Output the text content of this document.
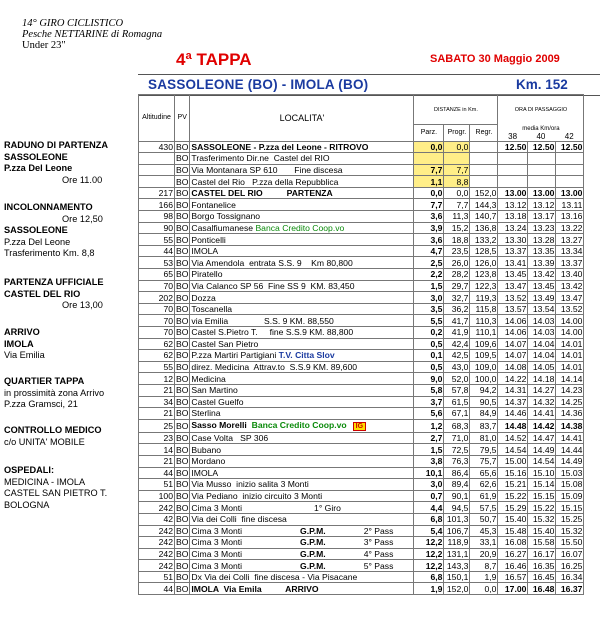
14° GIRO CICLISTICO
Pesche NETTARINE di Romagna
Under 23"
4ª TAPPA	SABATO 30 Maggio 2009
SASSOLEONE (BO) - IMOLA (BO)	Km. 152
RADUNO DI PARTENZA
SASSOLEONE
P.zza Del Leone
Ore 11.00
INCOLONNAMENTO
Ore 12,50
SASSOLEONE
P.zza Del Leone
Trasferimento Km. 8,8
PARTENZA UFFICIALE
CASTEL DEL RIO
Ore 13,00
ARRIVO
IMOLA
Via Emilia
QUARTIER TAPPA
in prossimità zona Arrivo
P.zza Gramsci, 21
CONTROLLO MEDICO
c/o UNITA' MOBILE
OSPEDALI:
MEDICINA - IMOLA
CASTEL SAN PIETRO T.
BOLOGNA
Altitudine	PV	LOCALITA'	DISTANZE in Km.			ORA DI PASSAGGIO		

			Parz.	Progr.	Regr.	media Km/ora
38 40 42		

430	BO	SASSOLEONE - P.zza del Leone - RITROVO	0,0	0,0		12.50	12.50	12.50
	BO	Trasferimento Dir.ne  Castel del RIO						
	BO	Via Montanara SP 610       Fine discesa	7,7	7,7				
	BO	Castel del Rio   P.zza della Repubblica	1,1	8,8				
217	BO	CASTEL DEL RIO          PARTENZA	0,0	0,0	152,0	13.00	13.00	13.00
166	BO	Fontanelice	7,7	7,7	144,3	13.12	13.12	13.11
98	BO	Borgo Tossignano	3,6	11,3	140,7	13.18	13.17	13.16
90	BO	Casalfiumanese Banca Credito Coop.vo	3,9	15,2	136,8	13.24	13.23	13.22
55	BO	Ponticelli	3,6	18,8	133,2	13.30	13.28	13.27
44	BO	IMOLA	4,7	23,5	128,5	13.37	13.35	13.34
53	BO	Via Amendola  entrata S.S. 9    Km 80,800	2,5	26,0	126,0	13.41	13.39	13.37
65	BO	Piratello	2,2	28,2	123,8	13.45	13.42	13.40
70	BO	Via Calanco SP 56  Fine SS 9  KM. 83,450	1,5	29,7	122,3	13.47	13.45	13.42
202	BO	Dozza	3,0	32,7	119,3	13.52	13.49	13.47
70	BO	Toscanella	3,5	36,2	115,8	13.57	13.54	13.52
70	BO	via Emilia               S.S. 9 KM. 88,550	5,5	41,7	110,3	14.06	14.03	14.00
70	BO	Castel S.Pietro T.     fine S.S.9 KM. 88,800	0,2	41,9	110,1	14.06	14.03	14.00
62	BO	Castel San Pietro	0,5	42,4	109,6	14.07	14.04	14.01
62	BO	P.zza Martiri Partigiani T.V. Citta Slov	0,1	42,5	109,5	14.07	14.04	14.01
55	BO	direz. Medicina  Attrav.to  S.S.9 KM. 89,600	0,5	43,0	109,0	14.08	14.05	14.01
12	BO	Medicina	9,0	52,0	100,0	14.22	14.18	14.14
21	BO	San Martino	5,8	57,8	94,2	14.31	14.27	14.23
34	BO	Castel Guelfo	3,7	61,5	90,5	14.37	14.32	14.25
21	BO	Sterlina	5,6	67,1	84,9	14.46	14.41	14.36
25	BO	Sasso Morelli  Banca Credito Coop.vo IG	1,2	68,3	83,7	14.48	14.42	14.38
23	BO	Case Volta   SP 306	2,7	71,0	81,0	14.52	14.47	14.41
14	BO	Bubano	1,5	72,5	79,5	14.54	14.49	14.44
21	BO	Mordano	3,8	76,3	75,7	15.00	14.54	14.49
44	BO	IMOLA	10,1	86,4	65,6	15.16	15.10	15.03
51	BO	Via Musso  inizio salita 3 Monti	3,0	89,4	62,6	15.21	15.14	15.08
100	BO	Via Pediano  inizio circuito 3 Monti	0,7	90,1	61,9	15.22	15.15	15.09
242	BO	Cima 3 Monti 1° Giro	4,4	94,5	57,5	15.29	15.22	15.15
42	BO	Via dei Colli  fine discesa	6,8	101,3	50,7	15.40	15.32	15.25
242	BO	Cima 3 Monti G.P.M. 2° Pass	5,4	106,7	45,3	15.48	15.40	15.32
242	BO	Cima 3 Monti G.P.M. 3° Pass	12,2	118,9	33,1	16.08	15.58	15.50
242	BO	Cima 3 Monti G.P.M. 4° Pass	12,2	131,1	20,9	16.27	16.17	16.07
242	BO	Cima 3 Monti G.P.M. 5° Pass	12,2	143,3	8,7	16.46	16.35	16.25
51	BO	Dx Via dei Colli  fine discesa - Via Pisacane	6,8	150,1	1,9	16.57	16.45	16.34
44	BO	IMOLA  Via Emila          ARRIVO	1,9	152,0	0,0	17.00	16.48	16.37
